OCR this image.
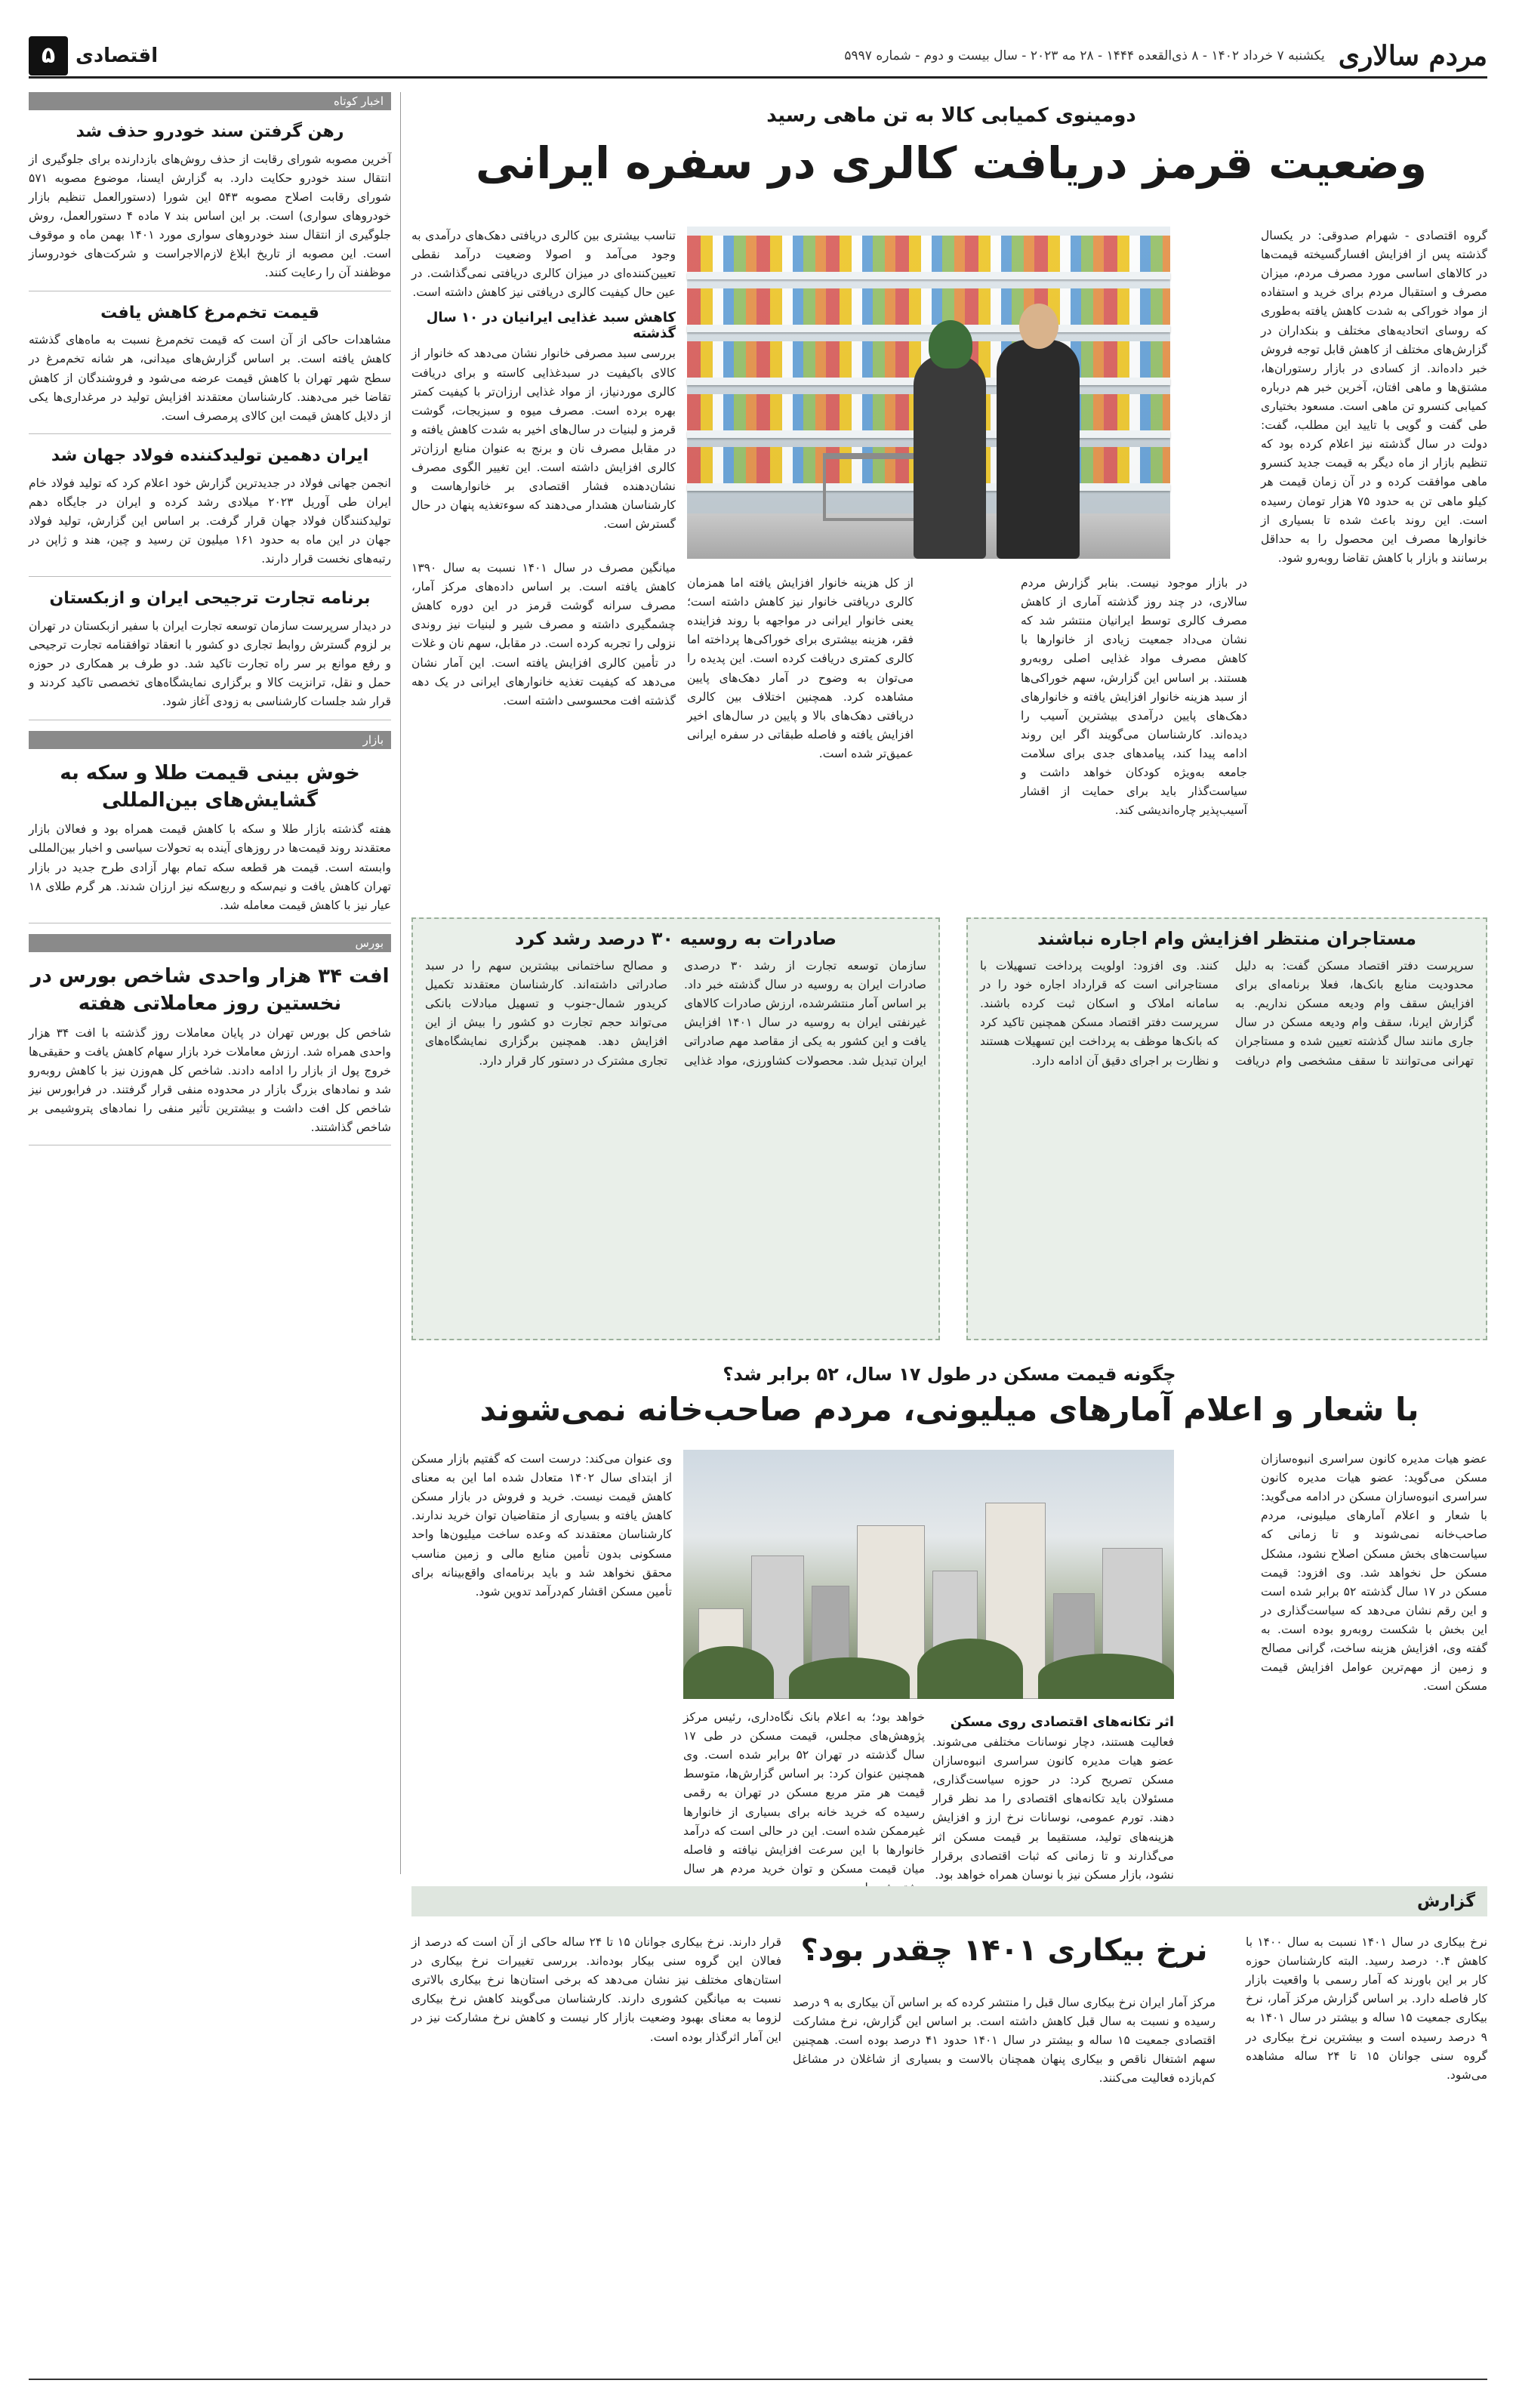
مردم سالاری
یکشنبه ۷ خرداد ۱۴۰۲ - ۸ ذی‌القعده ۱۴۴۴ - ۲۸ مه ۲۰۲۳ - سال بیست و دوم - شماره ۵۹۹۷
اقتصادی
۵
اخبار کوتاه
رهن گرفتن سند خودرو حذف شد
آخرین مصوبه شورای رقابت از حذف روش‌های بازدارنده برای جلوگیری از انتقال سند خودرو حکایت دارد. به گزارش ایسنا، موضوع مصوبه ۵۷۱ شورای رقابت اصلاح مصوبه ۵۴۳ این شورا (دستورالعمل تنظیم بازار خودروهای سواری) است. بر این اساس بند ۷ ماده ۴ دستورالعمل، روش جلوگیری از انتقال سند خودروهای سواری مورد ۱۴۰۱ بهمن ماه و موقوف است. این مصوبه از تاریخ ابلاغ لازم‌الاجراست و شرکت‌های خودروساز موظفند آن را رعایت کنند.
قیمت تخم‌مرغ کاهش یافت
مشاهدات حاکی از آن است که قیمت تخم‌مرغ نسبت به ماه‌های گذشته کاهش یافته است. بر اساس گزارش‌های میدانی، هر شانه تخم‌مرغ در سطح شهر تهران با کاهش قیمت عرضه می‌شود و فروشندگان از کاهش تقاضا خبر می‌دهند. کارشناسان معتقدند افزایش تولید در مرغداری‌ها یکی از دلایل کاهش قیمت این کالای پرمصرف است.
ایران دهمین تولیدکننده فولاد جهان شد
انجمن جهانی فولاد در جدیدترین گزارش خود اعلام کرد که تولید فولاد خام ایران طی آوریل ۲۰۲۳ میلادی رشد کرده و ایران در جایگاه دهم تولیدکنندگان فولاد جهان قرار گرفت. بر اساس این گزارش، تولید فولاد جهان در این ماه به حدود ۱۶۱ میلیون تن رسید و چین، هند و ژاپن در رتبه‌های نخست قرار دارند.
برنامه تجارت ترجیحی ایران و ازبکستان
در دیدار سرپرست سازمان توسعه تجارت ایران با سفیر ازبکستان در تهران بر لزوم گسترش روابط تجاری دو کشور با انعقاد توافقنامه تجارت ترجیحی و رفع موانع بر سر راه تجارت تاکید شد. دو طرف بر همکاری در حوزه حمل و نقل، ترانزیت کالا و برگزاری نمایشگاه‌های تخصصی تاکید کردند و قرار شد جلسات کارشناسی به زودی آغاز شود.
بازار
خوش بینی قیمت طلا و سکه به گشایش‌های بین‌المللی
هفته گذشته بازار طلا و سکه با کاهش قیمت همراه بود و فعالان بازار معتقدند روند قیمت‌ها در روزهای آینده به تحولات سیاسی و اخبار بین‌المللی وابسته است. قیمت هر قطعه سکه تمام بهار آزادی طرح جدید در بازار تهران کاهش یافت و نیم‌سکه و ربع‌سکه نیز ارزان شدند. هر گرم طلای ۱۸ عیار نیز با کاهش قیمت معامله شد.
بورس
افت ۳۴ هزار واحدی شاخص بورس در نخستین روز معاملاتی هفته
شاخص کل بورس تهران در پایان معاملات روز گذشته با افت ۳۴ هزار واحدی همراه شد. ارزش معاملات خرد بازار سهام کاهش یافت و حقیقی‌ها خروج پول از بازار را ادامه دادند. شاخص کل هم‌وزن نیز با کاهش روبه‌رو شد و نمادهای بزرگ بازار در محدوده منفی قرار گرفتند. در فرابورس نیز شاخص کل افت داشت و بیشترین تأثیر منفی را نمادهای پتروشیمی بر شاخص گذاشتند.
دومینوی کمیابی کالا به تن ماهی رسید
وضعیت قرمز دریافت کالری در سفره ایرانی
گروه اقتصادی - شهرام صدوقی: در یکسال گذشته پس از افزایش افسارگسیخته قیمت‌ها در کالاهای اساسی مورد مصرف مردم، میزان مصرف و استقبال مردم برای خرید و استفاده از مواد خوراکی به شدت کاهش یافته به‌طوری که روسای اتحادیه‌های مختلف و بنکداران در گزارش‌های مختلف از کاهش قابل توجه فروش خبر داده‌اند. از کسادی در بازار رستوران‌ها، مشتق‌ها و ماهی افتان، آخرین خبر هم درباره کمیابی کنسرو تن ماهی است. مسعود بختیاری طی گفت و گویی با تایید این مطلب، گفت: دولت در سال گذشته نیز اعلام کرده بود که تنظیم بازار از ماه دیگر به قیمت جدید کنسرو ماهی موافقت کرده و در آن زمان قیمت هر کیلو ماهی تن به حدود ۷۵ هزار تومان رسیده است. این روند باعث شده تا بسیاری از خانوارها مصرف این محصول را به حداقل برسانند و بازار با کاهش تقاضا روبه‌رو شود.
در بازار موجود نیست. بنابر گزارش مردم سالاری، در چند روز گذشته آماری از کاهش مصرف کالری توسط ایرانیان منتشر شد که نشان می‌داد جمعیت زیادی از خانوارها با کاهش مصرف مواد غذایی اصلی روبه‌رو هستند. بر اساس این گزارش، سهم خوراکی‌ها از سبد هزینه خانوار افزایش یافته و خانوارهای دهک‌های پایین درآمدی بیشترین آسیب را دیده‌اند. کارشناسان می‌گویند اگر این روند ادامه پیدا کند، پیامدهای جدی برای سلامت جامعه به‌ویژه کودکان خواهد داشت و سیاست‌گذار باید برای حمایت از اقشار آسیب‌پذیر چاره‌اندیشی کند.
از کل هزینه خانوار افزایش یافته اما همزمان کالری دریافتی خانوار نیز کاهش داشته است؛ یعنی خانوار ایرانی در مواجهه با روند فزاینده فقر، هزینه بیشتری برای خوراکی‌ها پرداخته اما کالری کمتری دریافت کرده است. این پدیده را می‌توان به وضوح در آمار دهک‌های پایین مشاهده کرد. همچنین اختلاف بین کالری دریافتی دهک‌های بالا و پایین در سال‌های اخیر افزایش یافته و فاصله طبقاتی در سفره ایرانی عمیق‌تر شده است.
تناسب بیشتری بین کالری دریافتی دهک‌های درآمدی به وجود می‌آمد و اصولا وضعیت درآمد نقطی تعیین‌کننده‌ای در میزان کالری دریافتی نمی‌گذاشت. در عین حال کیفیت کالری دریافتی نیز کاهش داشته است.
کاهش سبد غذایی ایرانیان در ۱۰ سال گذشته
بررسی سبد مصرفی خانوار نشان می‌دهد که خانوار از کالای باکیفیت در سبدغذایی کاسته و برای دریافت کالری موردنیاز، از مواد غذایی ارزان‌تر با کیفیت کمتر بهره برده است. مصرف میوه و سبزیجات، گوشت قرمز و لبنیات در سال‌های اخیر به شدت کاهش یافته و در مقابل مصرف نان و برنج به عنوان منابع ارزان‌تر کالری افزایش داشته است. این تغییر الگوی مصرف نشان‌دهنده فشار اقتصادی بر خانوارهاست و کارشناسان هشدار می‌دهند که سوءتغذیه پنهان در حال گسترش است.
میانگین مصرف در سال ۱۴۰۱ نسبت به سال ۱۳۹۰ کاهش یافته است. بر اساس داده‌های مرکز آمار، مصرف سرانه گوشت قرمز در این دوره کاهش چشمگیری داشته و مصرف شیر و لبنیات نیز روندی نزولی را تجربه کرده است. در مقابل، سهم نان و غلات در تأمین کالری افزایش یافته است. این آمار نشان می‌دهد که کیفیت تغذیه خانوارهای ایرانی در یک دهه گذشته افت محسوسی داشته است.
مستاجران منتظر افزایش وام اجاره نباشند
سرپرست دفتر اقتصاد مسکن گفت: به دلیل محدودیت منابع بانک‌ها، فعلا برنامه‌ای برای افزایش سقف وام ودیعه مسکن نداریم. به گزارش ایرنا، سقف وام ودیعه مسکن در سال جاری مانند سال گذشته تعیین شده و مستاجران تهرانی می‌توانند تا سقف مشخصی وام دریافت کنند. وی افزود: اولویت پرداخت تسهیلات با مستاجرانی است که قرارداد اجاره خود را در سامانه املاک و اسکان ثبت کرده باشند. سرپرست دفتر اقتصاد مسکن همچنین تاکید کرد که بانک‌ها موظف به پرداخت این تسهیلات هستند و نظارت بر اجرای دقیق آن ادامه دارد.
صادرات به روسیه ۳۰ درصد رشد کرد
سازمان توسعه تجارت از رشد ۳۰ درصدی صادرات ایران به روسیه در سال گذشته خبر داد. بر اساس آمار منتشرشده، ارزش صادرات کالاهای غیرنفتی ایران به روسیه در سال ۱۴۰۱ افزایش یافت و این کشور به یکی از مقاصد مهم صادراتی ایران تبدیل شد. محصولات کشاورزی، مواد غذایی و مصالح ساختمانی بیشترین سهم را در سبد صادراتی داشته‌اند. کارشناسان معتقدند تکمیل کریدور شمال-جنوب و تسهیل مبادلات بانکی می‌تواند حجم تجارت دو کشور را بیش از این افزایش دهد. همچنین برگزاری نمایشگاه‌های تجاری مشترک در دستور کار قرار دارد.
چگونه قیمت مسکن در طول ۱۷ سال، ۵۲ برابر شد؟
با شعار و اعلام آمارهای میلیونی، مردم صاحب‌خانه نمی‌شوند
عضو هیات مدیره کانون سراسری انبوه‌سازان مسکن می‌گوید: عضو هیات مدیره کانون سراسری انبوه‌سازان مسکن در ادامه می‌گوید: با شعار و اعلام آمارهای میلیونی، مردم صاحب‌خانه نمی‌شوند و تا زمانی که سیاست‌های بخش مسکن اصلاح نشود، مشکل مسکن حل نخواهد شد. وی افزود: قیمت مسکن در ۱۷ سال گذشته ۵۲ برابر شده است و این رقم نشان می‌دهد که سیاست‌گذاری در این بخش با شکست روبه‌رو بوده است. به گفته وی، افزایش هزینه ساخت، گرانی مصالح و زمین از مهم‌ترین عوامل افزایش قیمت مسکن است.
خواهد بود؛ به اعلام بانک نگاه‌داری، رئیس مرکز پژوهش‌های مجلس، قیمت مسکن در طی ۱۷ سال گذشته در تهران ۵۲ برابر شده است. وی همچنین عنوان کرد: بر اساس گزارش‌ها، متوسط قیمت هر متر مربع مسکن در تهران به رقمی رسیده که خرید خانه برای بسیاری از خانوارها غیرممکن شده است. این در حالی است که درآمد خانوارها با این سرعت افزایش نیافته و فاصله میان قیمت مسکن و توان خرید مردم هر سال
اثر تکانه‌های اقتصادی روی مسکن
فعالیت هستند، دچار نوسانات مختلفی می‌شوند. عضو هیات مدیره کانون سراسری انبوه‌سازان مسکن تصریح کرد: در حوزه سیاست‌گذاری، مسئولان باید تکانه‌های اقتصادی را مد نظر قرار دهند. تورم عمومی، نوسانات نرخ ارز و افزایش هزینه‌های تولید، مستقیما بر قیمت مسکن اثر می‌گذارند و تا زمانی که ثبات اقتصادی برقرار نشود، بازار مسکن نیز با نوسان همراه خواهد بود.
وی عنوان می‌کند: درست است که گفتیم بازار مسکن از ابتدای سال ۱۴۰۲ متعادل شده اما این به معنای کاهش قیمت نیست. خرید و فروش در بازار مسکن کاهش یافته و بسیاری از متقاضیان توان خرید ندارند. کارشناسان معتقدند که وعده ساخت میلیون‌ها واحد مسکونی بدون تأمین منابع مالی و زمین مناسب محقق نخواهد شد و باید برنامه‌ای واقع‌بینانه برای تأمین مسکن اقشار کم‌درآمد تدوین شود.
گزارش
نرخ بیکاری ۱۴۰۱ چقدر بود؟	نرخ بیکاری در سال ۱۴۰۱ نسبت به سال ۱۴۰۰ با کاهش ۰.۴ درصد رسید. البته کارشناسان حوزه کار بر این باورند که آمار رسمی با واقعیت بازار کار فاصله دارد. بر اساس گزارش مرکز آمار، نرخ بیکاری جمعیت ۱۵ ساله و بیشتر در سال ۱۴۰۱ به ۹ درصد رسیده است و بیشترین نرخ بیکاری در گروه سنی جوانان ۱۵ تا ۲۴ ساله مشاهده می‌شود.
مرکز آمار ایران نرخ بیکاری سال قبل را منتشر کرده که بر اساس آن بیکاری به ۹ درصد رسیده و نسبت به سال قبل کاهش داشته است. بر اساس این گزارش، نرخ مشارکت اقتصادی جمعیت ۱۵ ساله و بیشتر در سال ۱۴۰۱ حدود ۴۱ درصد بوده است. همچنین سهم اشتغال ناقص و بیکاری پنهان همچنان بالاست و بسیاری از شاغلان در مشاغل کم‌بازده فعالیت می‌کنند.
قرار دارند. نرخ بیکاری جوانان ۱۵ تا ۲۴ ساله حاکی از آن است که درصد از فعالان این گروه سنی بیکار بوده‌اند. بررسی تغییرات نرخ بیکاری در استان‌های مختلف نیز نشان می‌دهد که برخی استان‌ها نرخ بیکاری بالاتری نسبت به میانگین کشوری دارند. کارشناسان می‌گویند کاهش نرخ بیکاری لزوما به معنای بهبود وضعیت بازار کار نیست و کاهش نرخ مشارکت نیز در این آمار اثرگذار بوده است.
